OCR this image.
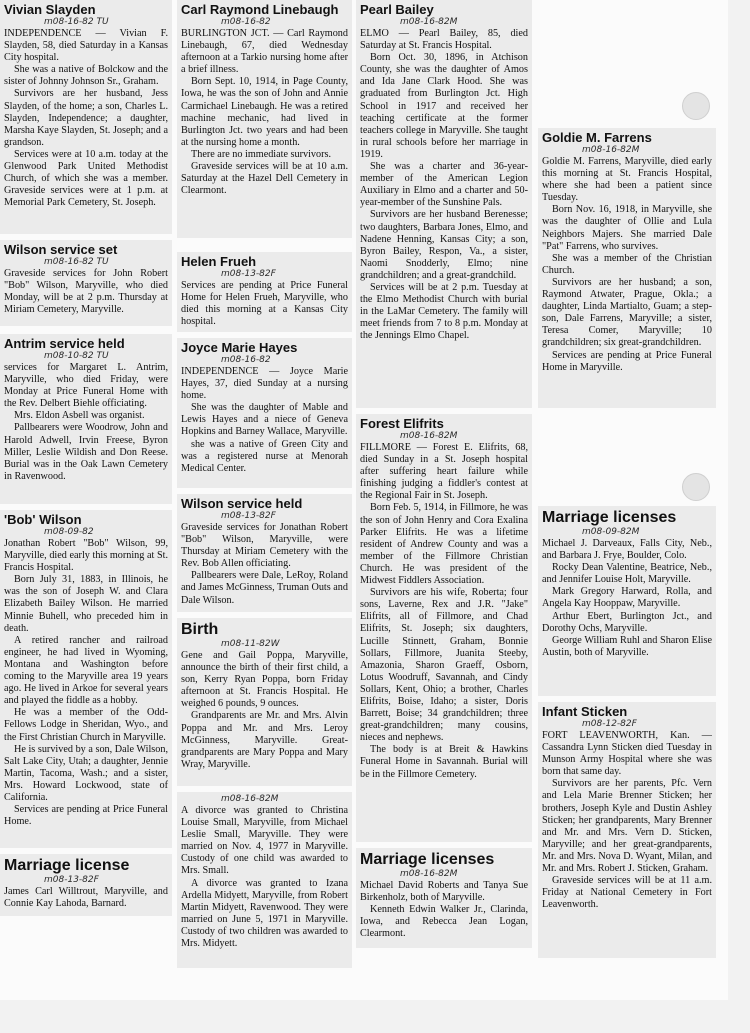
Vivian Slayden
m08-16-82 TU

INDEPENDENCE — Vivian F. Slayden, 58, died Saturday in a Kansas City hospital.

She was a native of Bolckow and the sister of Johnny Johnson Sr., Graham.

Survivors are her husband, Jess Slayden, of the home; a son, Charles L. Slayden, Independence; a daughter, Marsha Kaye Slayden, St. Joseph; and a grandson.

Services were at 10 a.m. today at the Glenwood Park United Methodist Church, of which she was a member. Graveside services were at 1 p.m. at Memorial Park Cemetery, St. Joseph.

Wilson service set
m08-16-82 TU

Graveside services for John Robert "Bob" Wilson, Maryville, who died Monday, will be at 2 p.m. Thursday at Miriam Cemetery, Maryville.

Antrim service held
m08-10-82 TU

services for Margaret L. Antrim, Maryville, who died Friday, were Monday at Price Funeral Home with the Rev. Delbert Biehle officiating.

Mrs. Eldon Asbell was organist.

Pallbearers were Woodrow, John and Harold Adwell, Irvin Freese, Byron Miller, Leslie Wildish and Don Reese. Burial was in the Oak Lawn Cemetery in Ravenwood.

'Bob' Wilson
m08-09-82

Jonathan Robert "Bob" Wilson, 99, Maryville, died early this morning at St. Francis Hospital.

Born July 31, 1883, in Illinois, he was the son of Joseph W. and Clara Elizabeth Bailey Wilson. He married Minnie Buhell, who preceded him in death.

A retired rancher and railroad engineer, he had lived in Wyoming, Montana and Washington before coming to the Maryville area 19 years ago. He lived in Arkoe for several years and played the fiddle as a hobby.

He was a member of the Odd-Fellows Lodge in Sheridan, Wyo., and the First Christian Church in Maryville.

He is survived by a son, Dale Wilson, Salt Lake City, Utah; a daughter, Jennie Martin, Tacoma, Wash.; and a sister, Mrs. Howard Lockwood, state of California.

Services are pending at Price Funeral Home.

Marriage license
m08-13-82F

James Carl Willtrout, Maryville, and Connie Kay Lahoda, Barnard.

Carl Raymond Linebaugh
m08-16-82

BURLINGTON JCT. — Carl Raymond Linebaugh, 67, died Wednesday afternoon at a Tarkio nursing home after a brief illness.

Born Sept. 10, 1914, in Page County, Iowa, he was the son of John and Annie Carmichael Linebaugh. He was a retired machine mechanic, had lived in Burlington Jct. two years and had been at the nursing home a month.

There are no immediate survivors.

Graveside services will be at 10 a.m. Saturday at the Hazel Dell Cemetery in Clearmont.

Helen Frueh
m08-13-82F

Services are pending at Price Funeral Home for Helen Frueh, Maryville, who died this morning at a Kansas City hospital.

Joyce Marie Hayes
m08-16-82

INDEPENDENCE — Joyce Marie Hayes, 37, died Sunday at a nursing home.

She was the daughter of Mable and Lewis Hayes and a niece of Geneva Hopkins and Barney Wallace, Maryville.

she was a native of Green City and was a registered nurse at Menorah Medical Center.

Wilson service held
m08-13-82F

Graveside services for Jonathan Robert "Bob" Wilson, Maryville, were Thursday at Miriam Cemetery with the Rev. Bob Allen officiating.

Pallbearers were Dale, LeRoy, Roland and James McGinness, Truman Outs and Dale Wilson.

Birth
m08-11-82W

Gene and Gail Poppa, Maryville, announce the birth of their first child, a son, Kerry Ryan Poppa, born Friday afternoon at St. Francis Hospital. He weighed 6 pounds, 9 ounces.

Grandparents are Mr. and Mrs. Alvin Poppa and Mr. and Mrs. Leroy McGinness, Maryville. Great-grandparents are Mary Poppa and Mary Wray, Maryville.

m08-16-82M

A divorce was granted to Christina Louise Small, Maryville, from Michael Leslie Small, Maryville. They were married on Nov. 4, 1977 in Maryville. Custody of one child was awarded to Mrs. Small.

A divorce was granted to Izana Ardella Midyett, Maryville, from Robert Martin Midyett, Ravenwood. They were married on June 5, 1971 in Maryville. Custody of two children was awarded to Mrs. Midyett.

Pearl Bailey
m08-16-82M

ELMO — Pearl Bailey, 85, died Saturday at St. Francis Hospital.

Born Oct. 30, 1896, in Atchison County, she was the daughter of Amos and Ida Jane Clark Hood. She was graduated from Burlington Jct. High School in 1917 and received her teaching certificate at the former teachers college in Maryville. She taught in rural schools before her marriage in 1919.

She was a charter and 36-year-member of the American Legion Auxiliary in Elmo and a charter and 50-year-member of the Sunshine Pals.

Survivors are her husband Berenesse; two daughters, Barbara Jones, Elmo, and Nadene Henning, Kansas City; a son, Byron Bailey, Respon, Va., a sister, Naomi Snodderly, Elmo; nine grandchildren; and a great-grandchild.

Services will be at 2 p.m. Tuesday at the Elmo Methodist Church with burial in the LaMar Cemetery. The family will meet friends from 7 to 8 p.m. Monday at the Jennings Elmo Chapel.

Forest Elifrits
m08-16-82M

FILLMORE — Forest E. Elifrits, 68, died Sunday in a St. Joseph hospital after suffering heart failure while finishing judging a fiddler's contest at the Regional Fair in St. Joseph.

Born Feb. 5, 1914, in Fillmore, he was the son of John Henry and Cora Exalina Parker Elifrits. He was a lifetime resident of Andrew County and was a member of the Fillmore Christian Church. He was president of the Midwest Fiddlers Association.

Survivors are his wife, Roberta; four sons, Laverne, Rex and J.R. "Jake" Elifrits, all of Fillmore, and Chad Elifrits, St. Joseph; six daughters, Lucille Stinnett, Graham, Bonnie Sollars, Fillmore, Juanita Steeby, Amazonia, Sharon Graeff, Osborn, Lotus Woodruff, Savannah, and Cindy Sollars, Kent, Ohio; a brother, Charles Elifrits, Boise, Idaho; a sister, Doris Barrett, Boise; 34 grandchildren; three great-grandchildren; many cousins, nieces and nephews.

The body is at Breit & Hawkins Funeral Home in Savannah. Burial will be in the Fillmore Cemetery.

Marriage licenses
m08-16-82M

Michael David Roberts and Tanya Sue Birkenholz, both of Maryville.

Kenneth Edwin Walker Jr., Clarinda, Iowa, and Rebecca Jean Logan, Clearmont.

Goldie M. Farrens
m08-16-82M

Goldie M. Farrens, Maryville, died early this morning at St. Francis Hospital, where she had been a patient since Tuesday.

Born Nov. 16, 1918, in Maryville, she was the daughter of Ollie and Lula Neighbors Majers. She married Dale "Pat" Farrens, who survives.

She was a member of the Christian Church.

Survivors are her husband; a son, Raymond Atwater, Prague, Okla.; a daughter, Linda Martialto, Guam; a step-son, Dale Farrens, Maryville; a sister, Teresa Comer, Maryville; 10 grandchildren; six great-grandchildren.

Services are pending at Price Funeral Home in Maryville.

Marriage licenses
m08-09-82M

Michael J. Darveaux, Falls City, Neb., and Barbara J. Frye, Boulder, Colo.

Rocky Dean Valentine, Beatrice, Neb., and Jennifer Louise Holt, Maryville.

Mark Gregory Harward, Rolla, and Angela Kay Hooppaw, Maryville.

Arthur Ebert, Burlington Jct., and Dorothy Ochs, Maryville.

George William Ruhl and Sharon Elise Austin, both of Maryville.

Infant Sticken
m08-12-82F

FORT LEAVENWORTH, Kan. — Cassandra Lynn Sticken died Tuesday in Munson Army Hospital where she was born that same day.

Survivors are her parents, Pfc. Vern and Lela Marie Brenner Sticken; her brothers, Joseph Kyle and Dustin Ashley Sticken; her grandparents, Mary Brenner and Mr. and Mrs. Vern D. Sticken, Maryville; and her great-grandparents, Mr. and Mrs. Nova D. Wyant, Milan, and Mr. and Mrs. Robert J. Sticken, Graham.

Graveside services will be at 11 a.m. Friday at National Cemetery in Fort Leavenworth.
